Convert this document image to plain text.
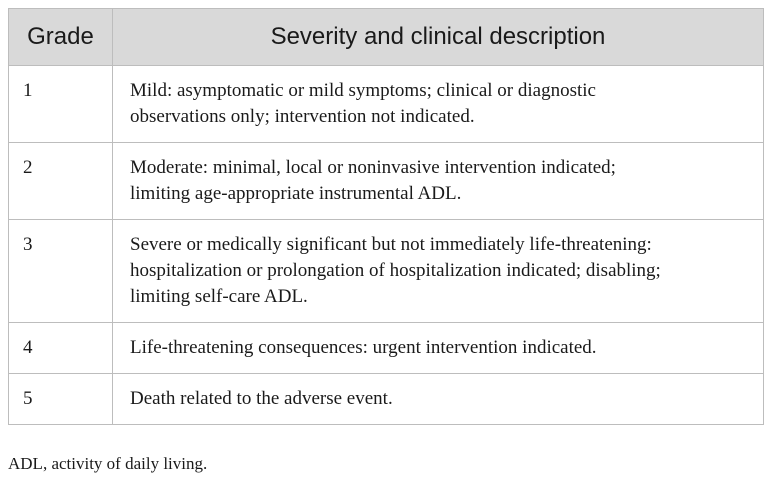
Grade	Severity and clinical description
1	Mild: asymptomatic or mild symptoms; clinical or diagnostic
observations only; intervention not indicated.
2	Moderate: minimal, local or noninvasive intervention indicated;
limiting age-appropriate instrumental ADL.
3	Severe or medically significant but not immediately life-threatening:
hospitalization or prolongation of hospitalization indicated; disabling;
limiting self-care ADL.
4	Life-threatening consequences: urgent intervention indicated.
5	Death related to the adverse event.
ADL, activity of daily living.
